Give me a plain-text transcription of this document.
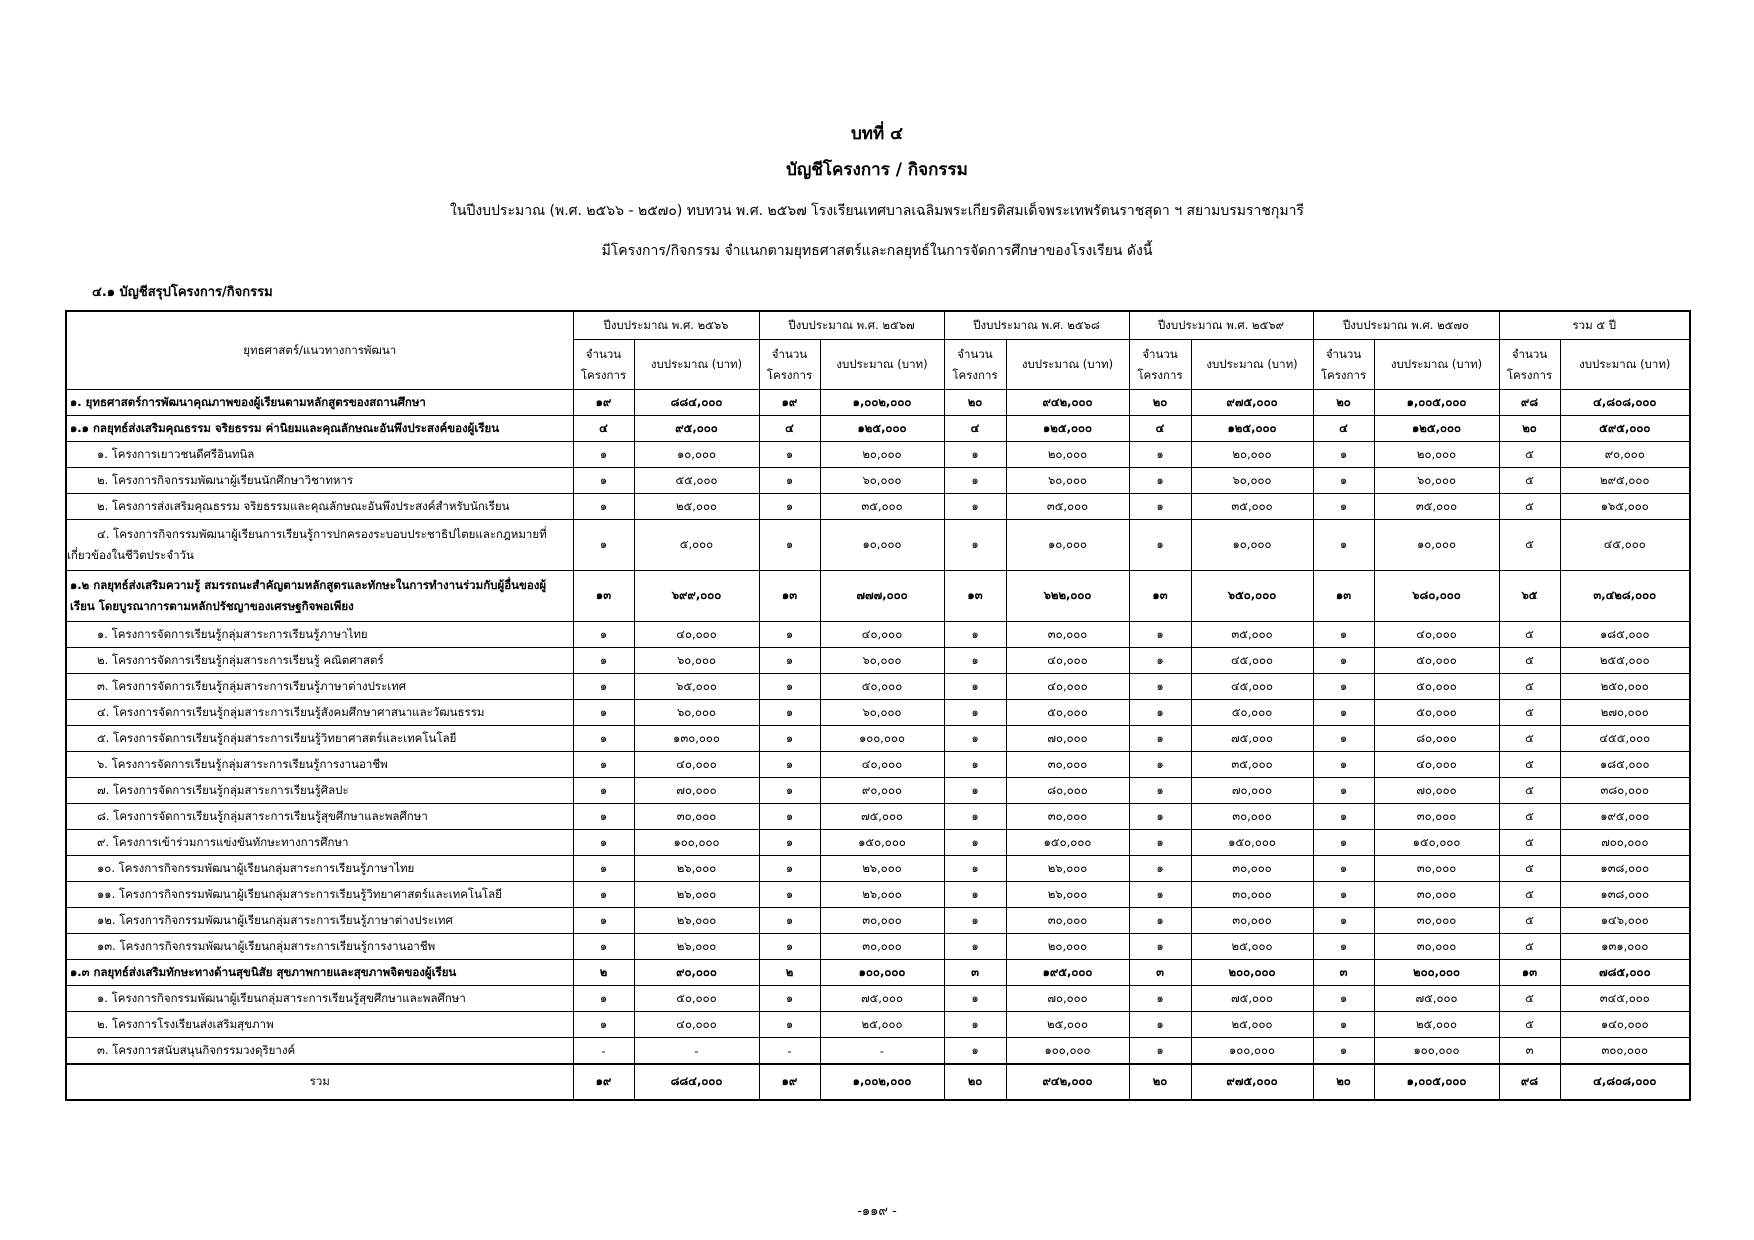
บทที่ ๔
บัญชีโครงการ / กิจกรรม
ในปีงบประมาณ (พ.ศ. ๒๕๖๖ - ๒๕๗๐) ทบทวน พ.ศ. ๒๕๖๗ โรงเรียนเทศบาลเฉลิมพระเกียรติสมเด็จพระเทพรัตนราชสุดา ฯ สยามบรมราชกุมารี
มีโครงการ/กิจกรรม จำแนกตามยุทธศาสตร์และกลยุทธ์ในการจัดการศึกษาของโรงเรียน ดังนี้
๔.๑ บัญชีสรุปโครงการ/กิจกรรม
ยุทธศาสตร์/แนวทางการพัฒนา	ปีงบประมาณ พ.ศ. ๒๕๖๖		ปีงบประมาณ พ.ศ. ๒๕๖๗		ปีงบประมาณ พ.ศ. ๒๕๖๘		ปีงบประมาณ พ.ศ. ๒๕๖๙		ปีงบประมาณ พ.ศ. ๒๕๗๐		รวม ๕ ปี	
	จำนวน
โครงการ	งบประมาณ (บาท)	จำนวน
โครงการ	งบประมาณ (บาท)	จำนวน
โครงการ	งบประมาณ (บาท)	จำนวน
โครงการ	งบประมาณ (บาท)	จำนวน
โครงการ	งบประมาณ (บาท)	จำนวน
โครงการ	งบประมาณ (บาท)
๑. ยุทธศาสตร์การพัฒนาคุณภาพของผู้เรียนตามหลักสูตรของสถานศึกษา	๑๙	๘๘๔,๐๐๐	๑๙	๑,๐๐๒,๐๐๐	๒๐	๙๔๒,๐๐๐	๒๐	๙๗๕,๐๐๐	๒๐	๑,๐๐๕,๐๐๐	๙๘	๔,๘๐๘,๐๐๐
๑.๑ กลยุทธ์ส่งเสริมคุณธรรม จริยธรรม ค่านิยมและคุณลักษณะอันพึงประสงค์ของผู้เรียน	๔	๙๕,๐๐๐	๔	๑๒๕,๐๐๐	๔	๑๒๕,๐๐๐	๔	๑๒๕,๐๐๐	๔	๑๒๕,๐๐๐	๒๐	๕๙๕,๐๐๐
๑. โครงการเยาวชนดีศรีอินทนิล	๑	๑๐,๐๐๐	๑	๒๐,๐๐๐	๑	๒๐,๐๐๐	๑	๒๐,๐๐๐	๑	๒๐,๐๐๐	๕	๙๐,๐๐๐
๒. โครงการกิจกรรมพัฒนาผู้เรียนนักศึกษาวิชาทหาร	๑	๕๕,๐๐๐	๑	๖๐,๐๐๐	๑	๖๐,๐๐๐	๑	๖๐,๐๐๐	๑	๖๐,๐๐๐	๕	๒๙๕,๐๐๐
๒. โครงการส่งเสริมคุณธรรม จริยธรรมและคุณลักษณะอันพึงประสงค์สำหรับนักเรียน	๑	๒๕,๐๐๐	๑	๓๕,๐๐๐	๑	๓๕,๐๐๐	๑	๓๕,๐๐๐	๑	๓๕,๐๐๐	๕	๑๖๕,๐๐๐
๔. โครงการกิจกรรมพัฒนาผู้เรียนการเรียนรู้การปกครองระบอบประชาธิปไตยและกฎหมายที่เกี่ยวข้องในชีวิตประจำวัน	๑	๕,๐๐๐	๑	๑๐,๐๐๐	๑	๑๐,๐๐๐	๑	๑๐,๐๐๐	๑	๑๐,๐๐๐	๕	๔๕,๐๐๐
๑.๒ กลยุทธ์ส่งเสริมความรู้ สมรรถนะสำคัญตามหลักสูตรและทักษะในการทำงานร่วมกับผู้อื่นของผู้เรียน โดยบูรณาการตามหลักปรัชญาของเศรษฐกิจพอเพียง	๑๓	๖๙๙,๐๐๐	๑๓	๗๗๗,๐๐๐	๑๓	๖๒๒,๐๐๐	๑๓	๖๕๐,๐๐๐	๑๓	๖๘๐,๐๐๐	๖๕	๓,๔๒๘,๐๐๐
๑. โครงการจัดการเรียนรู้กลุ่มสาระการเรียนรู้ภาษาไทย	๑	๔๐,๐๐๐	๑	๔๐,๐๐๐	๑	๓๐,๐๐๐	๑	๓๕,๐๐๐	๑	๔๐,๐๐๐	๕	๑๘๕,๐๐๐
๒. โครงการจัดการเรียนรู้กลุ่มสาระการเรียนรู้ คณิตศาสตร์	๑	๖๐,๐๐๐	๑	๖๐,๐๐๐	๑	๔๐,๐๐๐	๑	๔๕,๐๐๐	๑	๕๐,๐๐๐	๕	๒๕๕,๐๐๐
๓. โครงการจัดการเรียนรู้กลุ่มสาระการเรียนรู้ภาษาต่างประเทศ	๑	๖๕,๐๐๐	๑	๕๐,๐๐๐	๑	๔๐,๐๐๐	๑	๔๕,๐๐๐	๑	๕๐,๐๐๐	๕	๒๕๐,๐๐๐
๔. โครงการจัดการเรียนรู้กลุ่มสาระการเรียนรู้สังคมศึกษาศาสนาและวัฒนธรรม	๑	๖๐,๐๐๐	๑	๖๐,๐๐๐	๑	๕๐,๐๐๐	๑	๕๐,๐๐๐	๑	๕๐,๐๐๐	๕	๒๗๐,๐๐๐
๕. โครงการจัดการเรียนรู้กลุ่มสาระการเรียนรู้วิทยาศาสตร์และเทคโนโลยี	๑	๑๓๐,๐๐๐	๑	๑๐๐,๐๐๐	๑	๗๐,๐๐๐	๑	๗๕,๐๐๐	๑	๘๐,๐๐๐	๕	๔๕๕,๐๐๐
๖. โครงการจัดการเรียนรู้กลุ่มสาระการเรียนรู้การงานอาชีพ	๑	๔๐,๐๐๐	๑	๔๐,๐๐๐	๑	๓๐,๐๐๐	๑	๓๕,๐๐๐	๑	๔๐,๐๐๐	๕	๑๘๕,๐๐๐
๗. โครงการจัดการเรียนรู้กลุ่มสาระการเรียนรู้ศิลปะ	๑	๗๐,๐๐๐	๑	๙๐,๐๐๐	๑	๘๐,๐๐๐	๑	๗๐,๐๐๐	๑	๗๐,๐๐๐	๕	๓๘๐,๐๐๐
๘. โครงการจัดการเรียนรู้กลุ่มสาระการเรียนรู้สุขศึกษาและพลศึกษา	๑	๓๐,๐๐๐	๑	๗๕,๐๐๐	๑	๓๐,๐๐๐	๑	๓๐,๐๐๐	๑	๓๐,๐๐๐	๕	๑๙๕,๐๐๐
๙. โครงการเข้าร่วมการแข่งขันทักษะทางการศึกษา	๑	๑๐๐,๐๐๐	๑	๑๕๐,๐๐๐	๑	๑๕๐,๐๐๐	๑	๑๕๐,๐๐๐	๑	๑๕๐,๐๐๐	๕	๗๐๐,๐๐๐
๑๐. โครงการกิจกรรมพัฒนาผู้เรียนกลุ่มสาระการเรียนรู้ภาษาไทย	๑	๒๖,๐๐๐	๑	๒๖,๐๐๐	๑	๒๖,๐๐๐	๑	๓๐,๐๐๐	๑	๓๐,๐๐๐	๕	๑๓๘,๐๐๐
๑๑. โครงการกิจกรรมพัฒนาผู้เรียนกลุ่มสาระการเรียนรู้วิทยาศาสตร์และเทคโนโลยี	๑	๒๖,๐๐๐	๑	๒๖,๐๐๐	๑	๒๖,๐๐๐	๑	๓๐,๐๐๐	๑	๓๐,๐๐๐	๕	๑๓๘,๐๐๐
๑๒. โครงการกิจกรรมพัฒนาผู้เรียนกลุ่มสาระการเรียนรู้ภาษาต่างประเทศ	๑	๒๖,๐๐๐	๑	๓๐,๐๐๐	๑	๓๐,๐๐๐	๑	๓๐,๐๐๐	๑	๓๐,๐๐๐	๕	๑๔๖,๐๐๐
๑๓. โครงการกิจกรรมพัฒนาผู้เรียนกลุ่มสาระการเรียนรู้การงานอาชีพ	๑	๒๖,๐๐๐	๑	๓๐,๐๐๐	๑	๒๐,๐๐๐	๑	๒๕,๐๐๐	๑	๓๐,๐๐๐	๕	๑๓๑,๐๐๐
๑.๓ กลยุทธ์ส่งเสริมทักษะทางด้านสุขนิสัย สุขภาพกายและสุขภาพจิตของผู้เรียน	๒	๙๐,๐๐๐	๒	๑๐๐,๐๐๐	๓	๑๙๕,๐๐๐	๓	๒๐๐,๐๐๐	๓	๒๐๐,๐๐๐	๑๓	๗๘๕,๐๐๐
๑. โครงการกิจกรรมพัฒนาผู้เรียนกลุ่มสาระการเรียนรู้สุขศึกษาและพลศึกษา	๑	๕๐,๐๐๐	๑	๗๕,๐๐๐	๑	๗๐,๐๐๐	๑	๗๕,๐๐๐	๑	๗๕,๐๐๐	๕	๓๔๕,๐๐๐
๒. โครงการโรงเรียนส่งเสริมสุขภาพ	๑	๔๐,๐๐๐	๑	๒๕,๐๐๐	๑	๒๕,๐๐๐	๑	๒๕,๐๐๐	๑	๒๕,๐๐๐	๕	๑๔๐,๐๐๐
๓. โครงการสนับสนุนกิจกรรมวงดุริยางค์	-	-	-	-	๑	๑๐๐,๐๐๐	๑	๑๐๐,๐๐๐	๑	๑๐๐,๐๐๐	๓	๓๐๐,๐๐๐
รวม	๑๙	๘๘๔,๐๐๐	๑๙	๑,๐๐๒,๐๐๐	๒๐	๙๔๒,๐๐๐	๒๐	๙๗๕,๐๐๐	๒๐	๑,๐๐๕,๐๐๐	๙๘	๔,๘๐๘,๐๐๐
-๑๑๙ -
